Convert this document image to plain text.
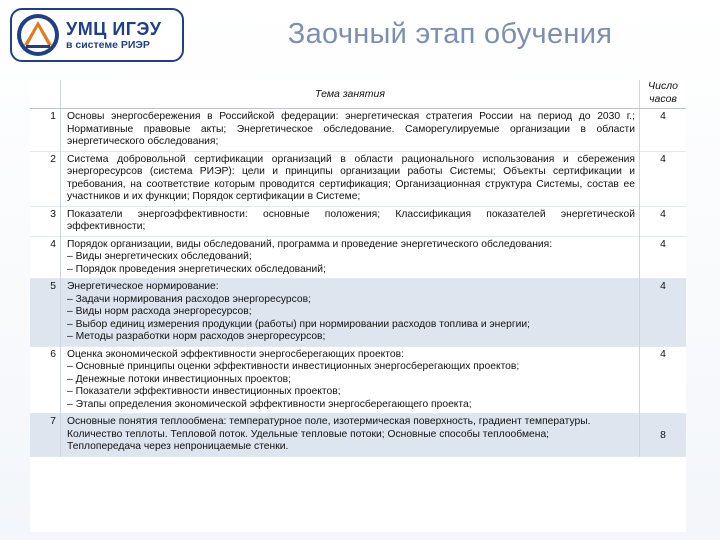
УМЦ ИГЭУ
в системе РИЭР	Заочный этап обучения
	Тема занятия	Число
часов

1	Основы энергосбережения в Российской федерации: энергетическая стратегия России на период до 2030 г.; Нормативные правовые акты; Энергетическое обследование. Саморегулируемые организации в области энергетического обследования;	4
2	Система добровольной сертификации организаций в области рационального использования и сбережения энергоресурсов (система РИЭР): цели и принципы организации работы Системы; Объекты сертификации и требования, на соответствие которым проводится сертификация; Организационная структура Системы, состав ее участников и их функции; Порядок сертификации в Системе;	4
3	Показатели энергоэффективности: основные положения; Классификация показателей энергетической эффективности;	4
4	Порядок организации, виды обследований, программа и проведение энергетического обследования:
– Виды энергетических обследований;
– Порядок проведения энергетических обследований;	4
5	Энергетическое нормирование:
– Задачи нормирования расходов энергоресурсов;
– Виды норм расхода энергоресурсов;
– Выбор единиц измерения продукции (работы) при нормировании расходов топлива и энергии;
– Методы разработки норм расходов энергоресурсов;	4
6	Оценка экономической эффективности энергосберегающих проектов:
– Основные принципы оценки эффективности инвестиционных энергосберегающих проектов;
– Денежные потоки инвестиционных проектов;
– Показатели эффективности инвестиционных проектов;
– Этапы определения экономической эффективности энергосберегающего проекта;	4
7	Основные понятия теплообмена: температурное поле, изотермическая поверхность, градиент температуры.
Количество теплоты. Тепловой поток. Удельные тепловые потоки; Основные способы теплообмена;
Теплопередача через непроницаемые стенки.	8
